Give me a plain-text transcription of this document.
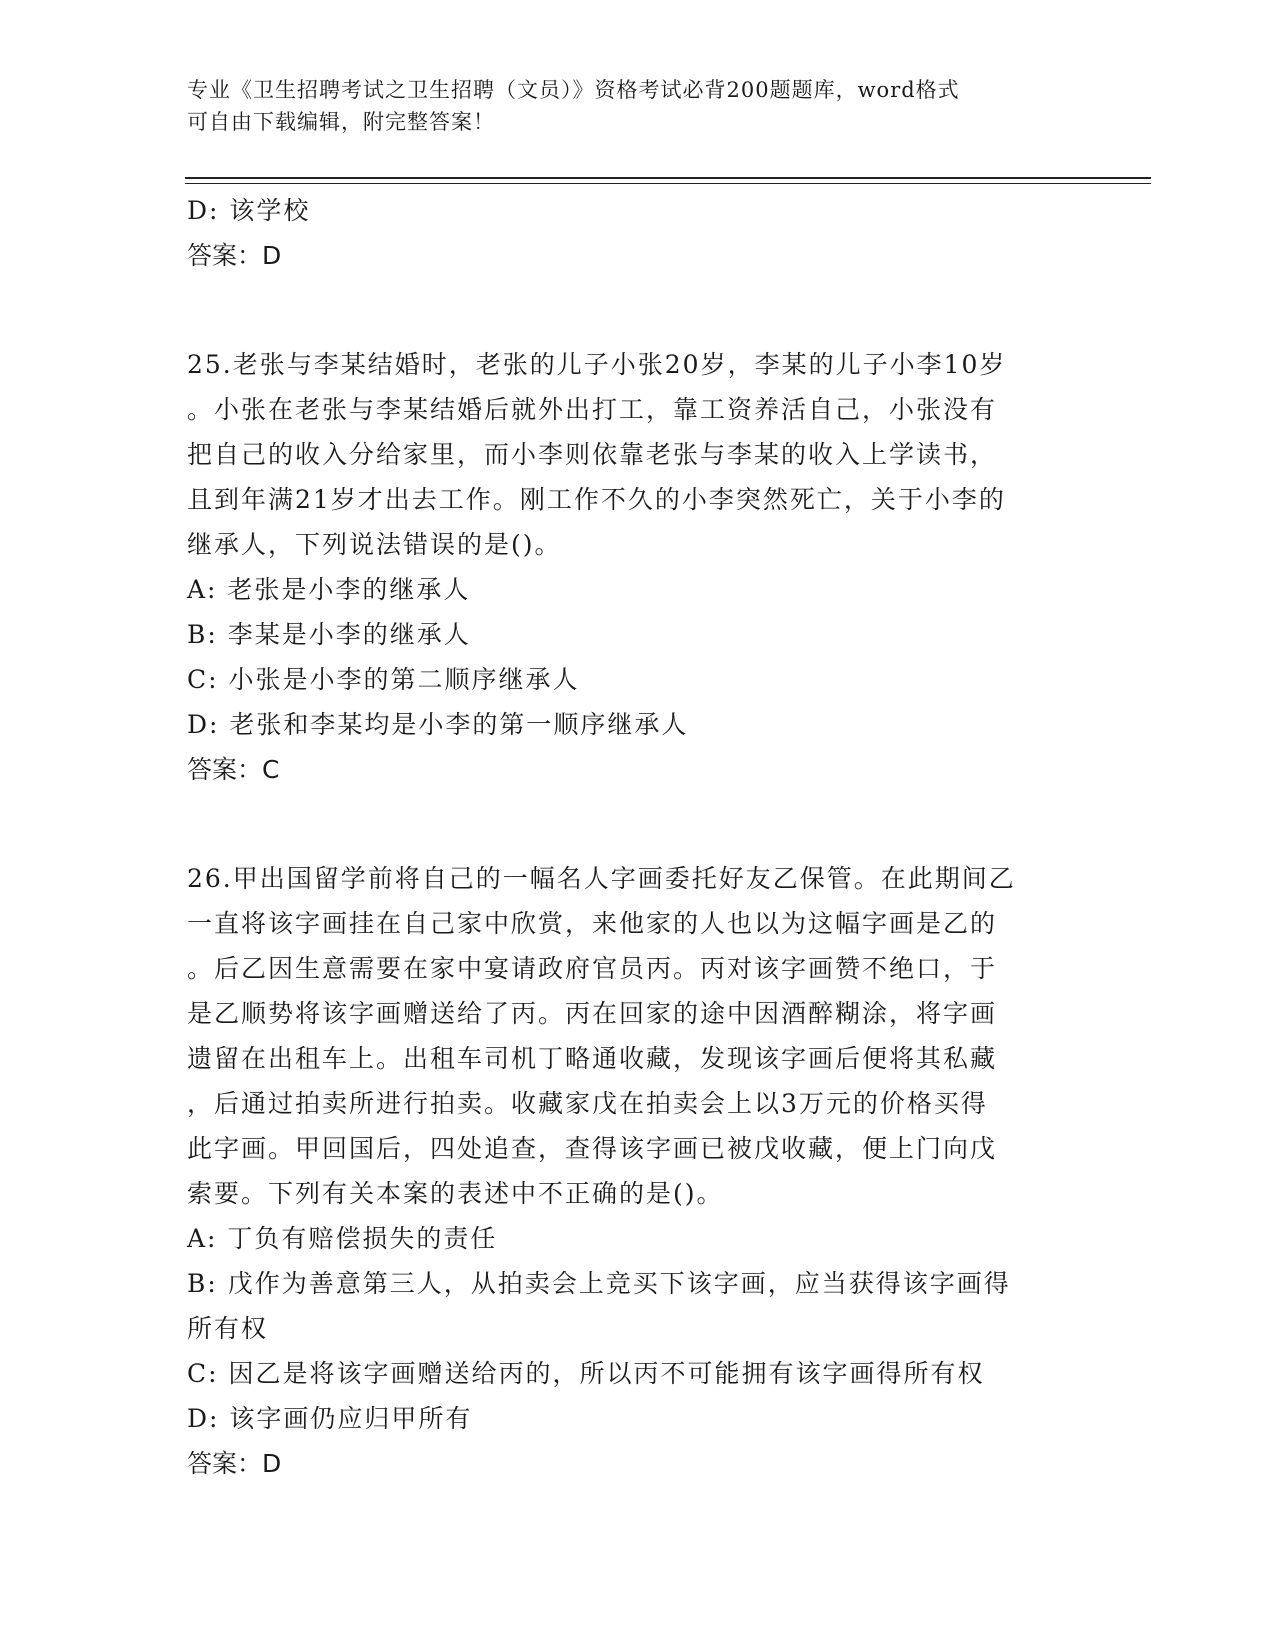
专业《卫生招聘考试之卫生招聘（文员）》资格考试必背200题题库，word格式
可自由下载编辑，附完整答案！
D: 该学校
答案：D
25.老张与李某结婚时，老张的儿子小张20岁，李某的儿子小李10岁
。小张在老张与李某结婚后就外出打工，靠工资养活自己，小张没有
把自己的收入分给家里，而小李则依靠老张与李某的收入上学读书，
且到年满21岁才出去工作。刚工作不久的小李突然死亡，关于小李的
继承人，下列说法错误的是()。
A: 老张是小李的继承人
B: 李某是小李的继承人
C: 小张是小李的第二顺序继承人
D: 老张和李某均是小李的第一顺序继承人
答案：C
26.甲出国留学前将自己的一幅名人字画委托好友乙保管。在此期间乙
一直将该字画挂在自己家中欣赏，来他家的人也以为这幅字画是乙的
。后乙因生意需要在家中宴请政府官员丙。丙对该字画赞不绝口，于
是乙顺势将该字画赠送给了丙。丙在回家的途中因酒醉糊涂，将字画
遗留在出租车上。出租车司机丁略通收藏，发现该字画后便将其私藏
，后通过拍卖所进行拍卖。收藏家戊在拍卖会上以3万元的价格买得
此字画。甲回国后，四处追查，查得该字画已被戊收藏，便上门向戊
索要。下列有关本案的表述中不正确的是()。
A: 丁负有赔偿损失的责任
B: 戊作为善意第三人，从拍卖会上竞买下该字画，应当获得该字画得
所有权
C: 因乙是将该字画赠送给丙的，所以丙不可能拥有该字画得所有权
D: 该字画仍应归甲所有
答案：D
